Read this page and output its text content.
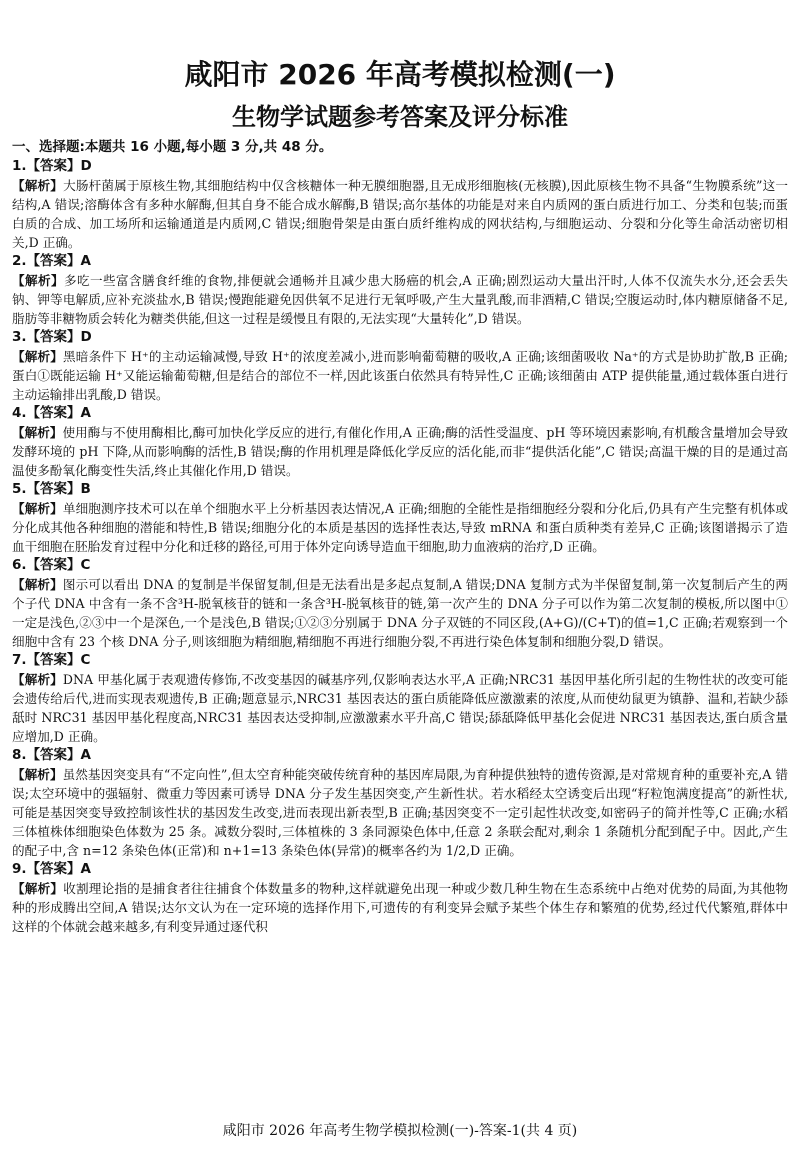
咸阳市 2026 年高考模拟检测(一)
生物学试题参考答案及评分标准

一、选择题:本题共 16 小题,每小题 3 分,共 48 分。

1.【答案】D

【解析】大肠杆菌属于原核生物,其细胞结构中仅含核糖体一种无膜细胞器,且无成形细胞核(无核膜),因此原核生物不具备“生物膜系统”这一结构,A 错误;溶酶体含有多种水解酶,但其自身不能合成水解酶,B 错误;高尔基体的功能是对来自内质网的蛋白质进行加工、分类和包装;而蛋白质的合成、加工场所和运输通道是内质网,C 错误;细胞骨架是由蛋白质纤维构成的网状结构,与细胞运动、分裂和分化等生命活动密切相关,D 正确。

2.【答案】A

【解析】多吃一些富含膳食纤维的食物,排便就会通畅并且减少患大肠癌的机会,A 正确;剧烈运动大量出汗时,人体不仅流失水分,还会丢失钠、钾等电解质,应补充淡盐水,B 错误;慢跑能避免因供氧不足进行无氧呼吸,产生大量乳酸,而非酒精,C 错误;空腹运动时,体内糖原储备不足,脂肪等非糖物质会转化为糖类供能,但这一过程是缓慢且有限的,无法实现“大量转化”,D 错误。

3.【答案】D

【解析】黑暗条件下 H⁺的主动运输减慢,导致 H⁺的浓度差减小,进而影响葡萄糖的吸收,A 正确;该细菌吸收 Na⁺的方式是协助扩散,B 正确;蛋白①既能运输 H⁺又能运输葡萄糖,但是结合的部位不一样,因此该蛋白依然具有特异性,C 正确;该细菌由 ATP 提供能量,通过载体蛋白进行主动运输排出乳酸,D 错误。

4.【答案】A

【解析】使用酶与不使用酶相比,酶可加快化学反应的进行,有催化作用,A 正确;酶的活性受温度、pH 等环境因素影响,有机酸含量增加会导致发酵环境的 pH 下降,从而影响酶的活性,B 错误;酶的作用机理是降低化学反应的活化能,而非“提供活化能”,C 错误;高温干燥的目的是通过高温使多酚氧化酶变性失活,终止其催化作用,D 错误。

5.【答案】B

【解析】单细胞测序技术可以在单个细胞水平上分析基因表达情况,A 正确;细胞的全能性是指细胞经分裂和分化后,仍具有产生完整有机体或分化成其他各种细胞的潜能和特性,B 错误;细胞分化的本质是基因的选择性表达,导致 mRNA 和蛋白质种类有差异,C 正确;该图谱揭示了造血干细胞在胚胎发育过程中分化和迁移的路径,可用于体外定向诱导造血干细胞,助力血液病的治疗,D 正确。

6.【答案】C

【解析】图示可以看出 DNA 的复制是半保留复制,但是无法看出是多起点复制,A 错误;DNA 复制方式为半保留复制,第一次复制后产生的两个子代 DNA 中含有一条不含³H-脱氧核苷的链和一条含³H-脱氧核苷的链,第一次产生的 DNA 分子可以作为第二次复制的模板,所以图中①一定是浅色,②③中一个是深色,一个是浅色,B 错误;①②③分别属于 DNA 分子双链的不同区段,(A+G)/(C+T)的值=1,C 正确;若观察到一个细胞中含有 23 个核 DNA 分子,则该细胞为精细胞,精细胞不再进行细胞分裂,不再进行染色体复制和细胞分裂,D 错误。

7.【答案】C

【解析】DNA 甲基化属于表观遗传修饰,不改变基因的碱基序列,仅影响表达水平,A 正确;NRC31 基因甲基化所引起的生物性状的改变可能会遗传给后代,进而实现表观遗传,B 正确;题意显示,NRC31 基因表达的蛋白质能降低应激激素的浓度,从而使幼鼠更为镇静、温和,若缺少舔舐时 NRC31 基因甲基化程度高,NRC31 基因表达受抑制,应激激素水平升高,C 错误;舔舐降低甲基化会促进 NRC31 基因表达,蛋白质含量应增加,D 正确。

8.【答案】A

【解析】虽然基因突变具有“不定向性”,但太空育种能突破传统育种的基因库局限,为育种提供独特的遗传资源,是对常规育种的重要补充,A 错误;太空环境中的强辐射、微重力等因素可诱导 DNA 分子发生基因突变,产生新性状。若水稻经太空诱变后出现“籽粒饱满度提高”的新性状,可能是基因突变导致控制该性状的基因发生改变,进而表现出新表型,B 正确;基因突变不一定引起性状改变,如密码子的简并性等,C 正确;水稻三体植株体细胞染色体数为 25 条。减数分裂时,三体植株的 3 条同源染色体中,任意 2 条联会配对,剩余 1 条随机分配到配子中。因此,产生的配子中,含 n=12 条染色体(正常)和 n+1=13 条染色体(异常)的概率各约为 1/2,D 正确。

9.【答案】A

【解析】收割理论指的是捕食者往往捕食个体数量多的物种,这样就避免出现一种或少数几种生物在生态系统中占绝对优势的局面,为其他物种的形成腾出空间,A 错误;达尔文认为在一定环境的选择作用下,可遗传的有利变异会赋予某些个体生存和繁殖的优势,经过代代繁殖,群体中这样的个体就会越来越多,有利变异通过逐代积

咸阳市 2026 年高考生物学模拟检测(一)-答案-1(共 4 页)
